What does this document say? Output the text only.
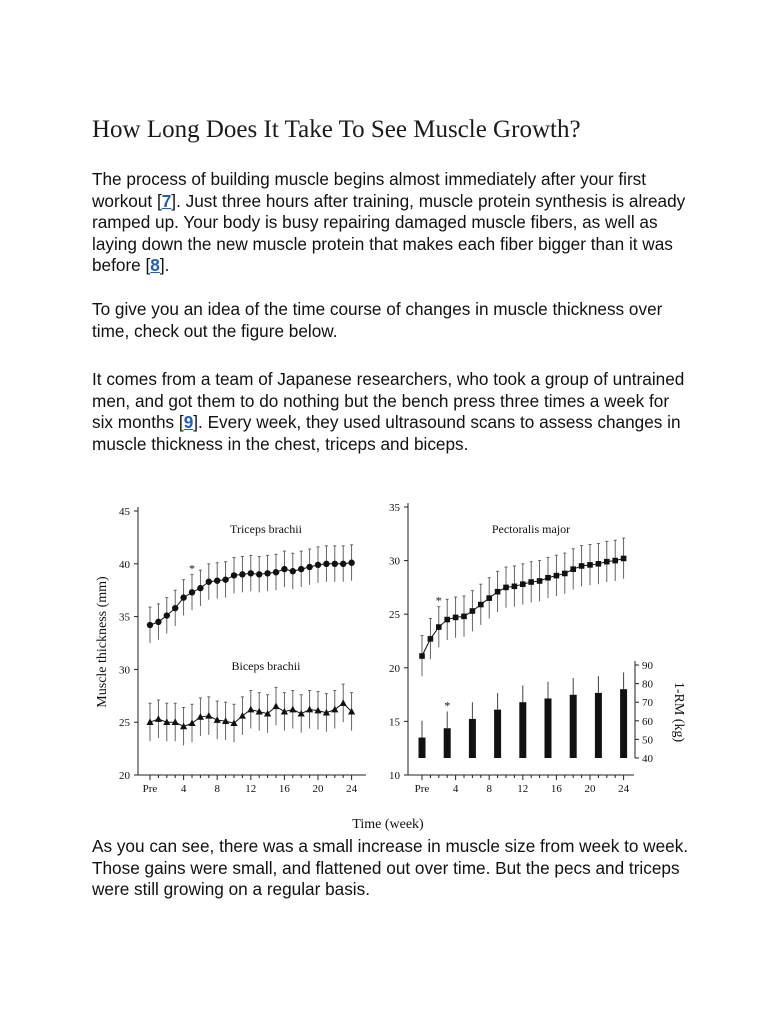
How Long Does It Take To See Muscle Growth?

The process of building muscle begins almost immediately after your first workout [7]. Just three hours after training, muscle protein synthesis is already ramped up. Your body is busy repairing damaged muscle fibers, as well as laying down the new muscle protein that makes each fiber bigger than it was before [8].

To give you an idea of the time course of changes in muscle thickness over time, check out the figure below.

It comes from a team of Japanese researchers, who took a group of untrained men, and got them to do nothing but the bench press three times a week for six months [9]. Every week, they used ultrasound scans to assess changes in muscle thickness in the chest, triceps and biceps.

Muscle thickness (mm)
1-RM (kg)
Time (week)
20
25
30
35
40
45
Pre 4	8 12 16 20 24
Triceps brachii
Biceps brachii
*
10
15
20
25
30
35
Pre 4	8 12 16 20 24
Pectoralis major
40
50
60
70
80
90
*
*

As you can see, there was a small increase in muscle size from week to week. Those gains were small, and flattened out over time. But the pecs and triceps were still growing on a regular basis.
